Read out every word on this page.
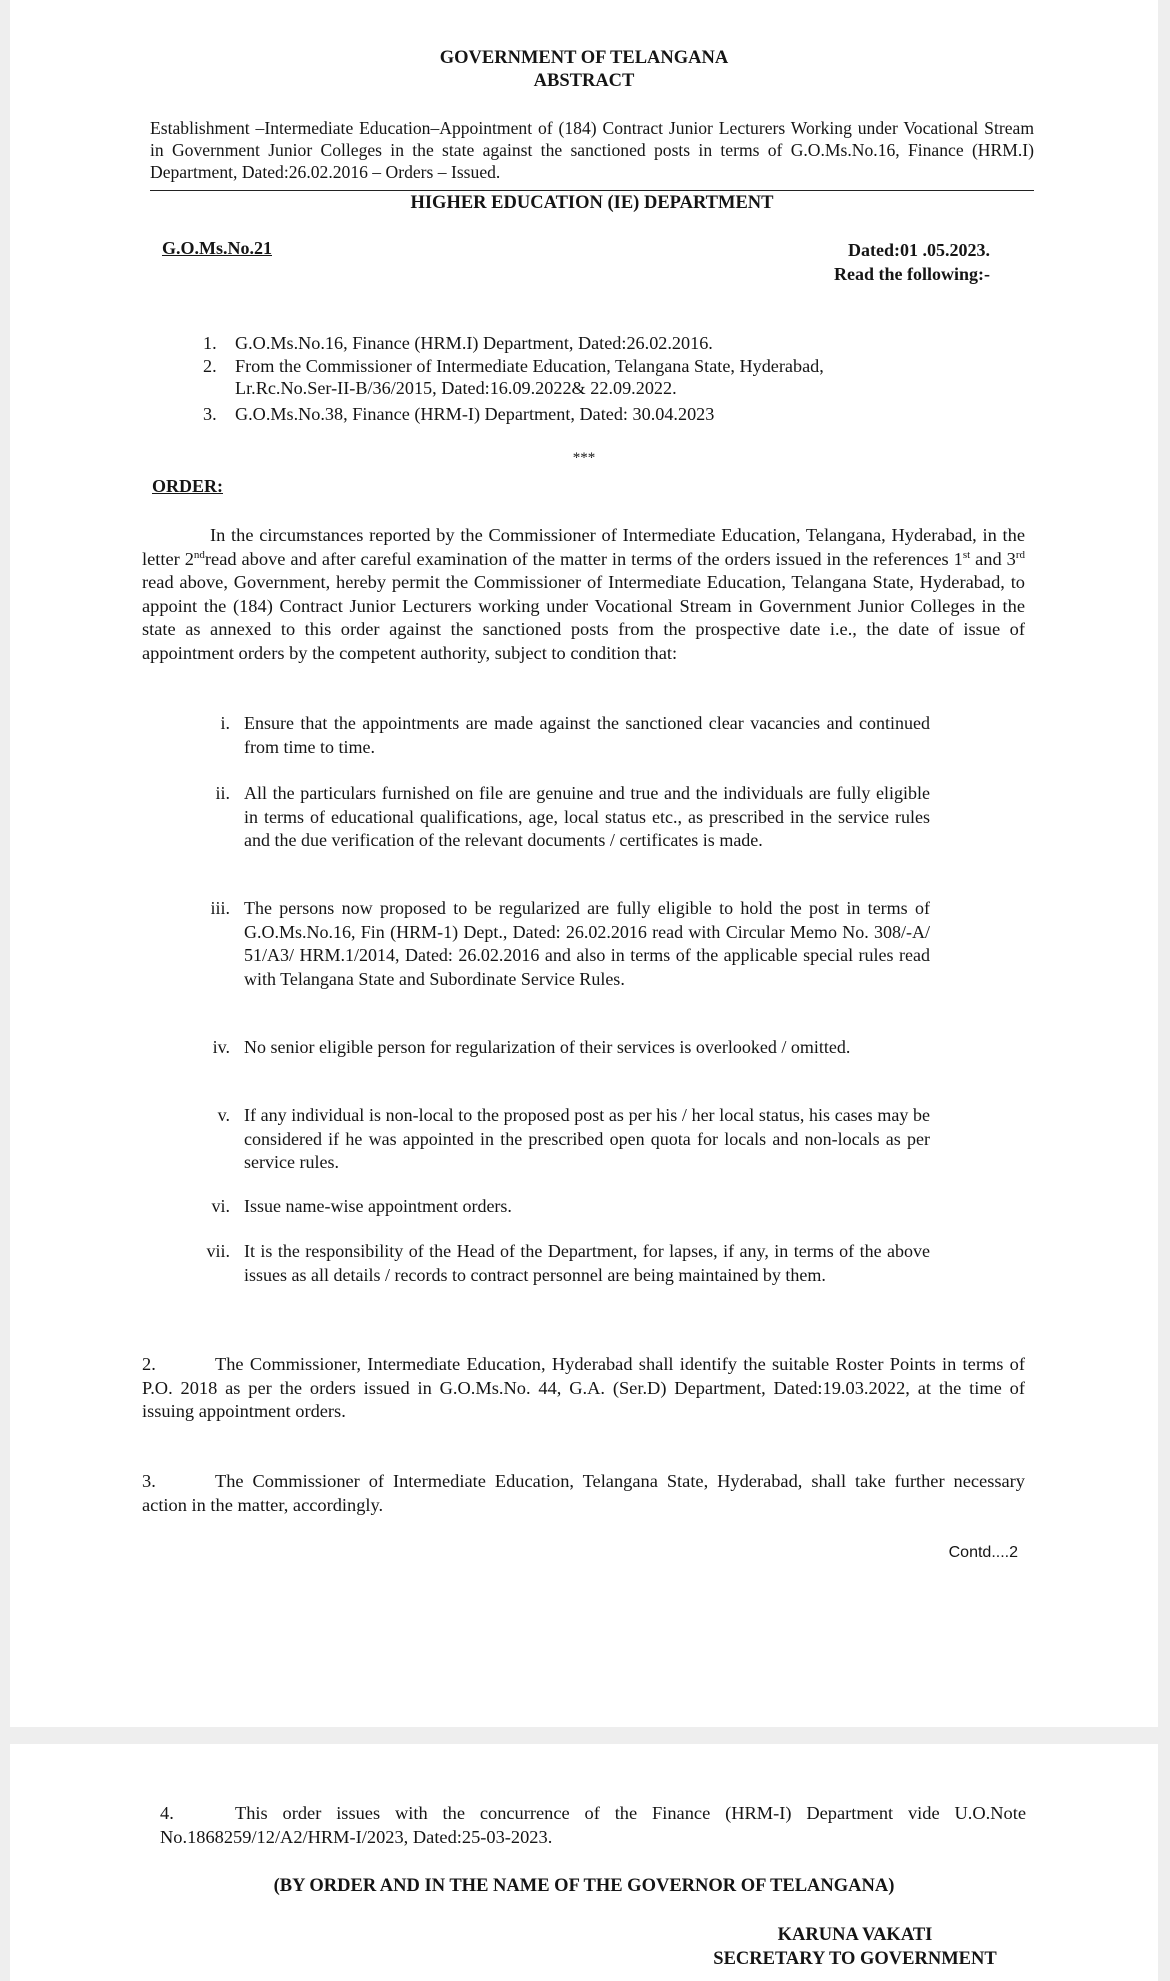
GOVERNMENT OF TELANGANA
ABSTRACT
Establishment –Intermediate Education–Appointment of (184) Contract Junior Lecturers Working under Vocational Stream in Government Junior Colleges in the state against the sanctioned posts in terms of G.O.Ms.No.16, Finance (HRM.I) Department, Dated:26.02.2016 – Orders – Issued.
HIGHER EDUCATION (IE) DEPARTMENT
G.O.Ms.No.21	Dated:01 .05.2023.
Read the following:-
1. G.O.Ms.No.16, Finance (HRM.I) Department, Dated:26.02.2016.
2. From the Commissioner of Intermediate Education, Telangana State, Hyderabad, Lr.Rc.No.Ser-II-B/36/2015, Dated:16.09.2022& 22.09.2022.
3. G.O.Ms.No.38, Finance (HRM-I) Department, Dated: 30.04.2023
***
ORDER:
In the circumstances reported by the Commissioner of Intermediate Education, Telangana, Hyderabad, in the letter 2ndread above and after careful examination of the matter in terms of the orders issued in the references 1st and 3rd read above, Government, hereby permit the Commissioner of Intermediate Education, Telangana State, Hyderabad, to appoint the (184) Contract Junior Lecturers working under Vocational Stream in Government Junior Colleges in the state as annexed to this order against the sanctioned posts from the prospective date i.e., the date of issue of appointment orders by the competent authority, subject to condition that:
i. Ensure that the appointments are made against the sanctioned clear vacancies and continued from time to time.
ii. All the particulars furnished on file are genuine and true and the individuals are fully eligible in terms of educational qualifications, age, local status etc., as prescribed in the service rules and the due verification of the relevant documents / certificates is made.
iii. The persons now proposed to be regularized are fully eligible to hold the post in terms of G.O.Ms.No.16, Fin (HRM-1) Dept., Dated: 26.02.2016 read with Circular Memo No. 308/-A/ 51/A3/ HRM.1/2014, Dated: 26.02.2016 and also in terms of the applicable special rules read with Telangana State and Subordinate Service Rules.
iv. No senior eligible person for regularization of their services is overlooked / omitted.
v. If any individual is non-local to the proposed post as per his / her local status, his cases may be considered if he was appointed in the prescribed open quota for locals and non-locals as per service rules.
vi. Issue name-wise appointment orders.
vii. It is the responsibility of the Head of the Department, for lapses, if any, in terms of the above issues as all details / records to contract personnel are being maintained by them.
2.	The Commissioner, Intermediate Education, Hyderabad shall identify the suitable Roster Points in terms of P.O. 2018 as per the orders issued in G.O.Ms.No. 44, G.A. (Ser.D) Department, Dated:19.03.2022, at the time of issuing appointment orders.
3.	The Commissioner of Intermediate Education, Telangana State, Hyderabad, shall take further necessary action in the matter, accordingly.
Contd....2
4.	This order issues with the concurrence of the Finance (HRM-I) Department vide U.O.Note No.1868259/12/A2/HRM-I/2023, Dated:25-03-2023.
(BY ORDER AND IN THE NAME OF THE GOVERNOR OF TELANGANA)
KARUNA VAKATI
SECRETARY TO GOVERNMENT
